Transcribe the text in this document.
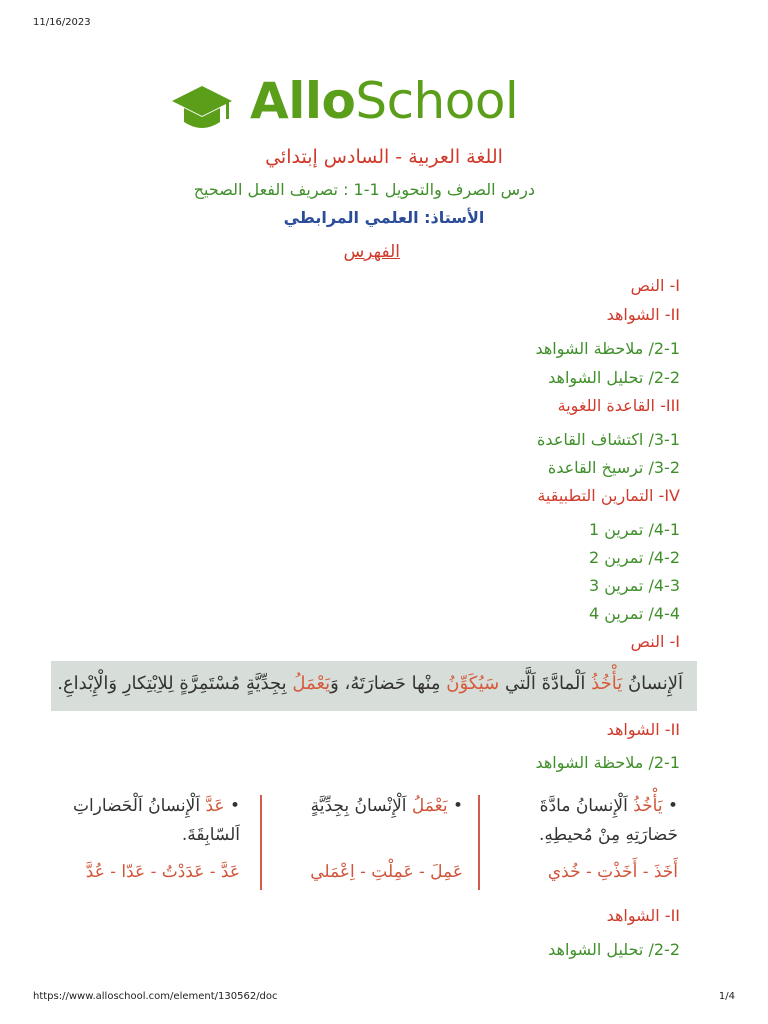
11/16/2023
AlloSchool
اللغة العربية - السادس إبتدائي
درس الصرف والتحويل 1-1 : تصريف الفعل الصحيح
الأستاذ: العلمي المرابطي
الفهرس
I- النص
II- الشواهد
2-1/ ملاحظة الشواهد
2-2/ تحليل الشواهد
III- القاعدة اللغوية
3-1/ اكتشاف القاعدة
3-2/ ترسيخ القاعدة
IV- التمارين التطبيقية
4-1/ تمرين 1
4-2/ تمرين 2
4-3/ تمرين 3
4-4/ تمرين 4
I- النص
اَلإِنسانُ يَأْخُذُ اَلْمادَّةَ اَلَّتي سَيُكَوِّنُ مِنْها حَضارَتَهُ، وَيَعْمَلُ بِجِدِّيَّةٍ مُسْتَمِرَّةٍ لِلاِبْتِكارِ وَالْإِبْداعِ.
II- الشواهد
2-1/ ملاحظة الشواهد
• يَأْخُذُ اَلْإِنسانُ مادَّةَ
حَضارَتِهِ مِنْ مُحيطِهِ.
أَخَذَ - أَخَذْتِ - خُذي
• يَعْمَلُ اَلْإِنْسانُ بِجِدِّيَّةٍ
عَمِلَ - عَمِلْتِ - اِعْمَلي
• عَدَّ اَلْإِنسانُ اَلْحَضاراتِ
اَلسّابِقَةَ.
عَدَّ - عَدَدْتُ - عَدّا - عُدَّ
II- الشواهد
2-2/ تحليل الشواهد
https://www.alloschool.com/element/130562/doc	1/4
